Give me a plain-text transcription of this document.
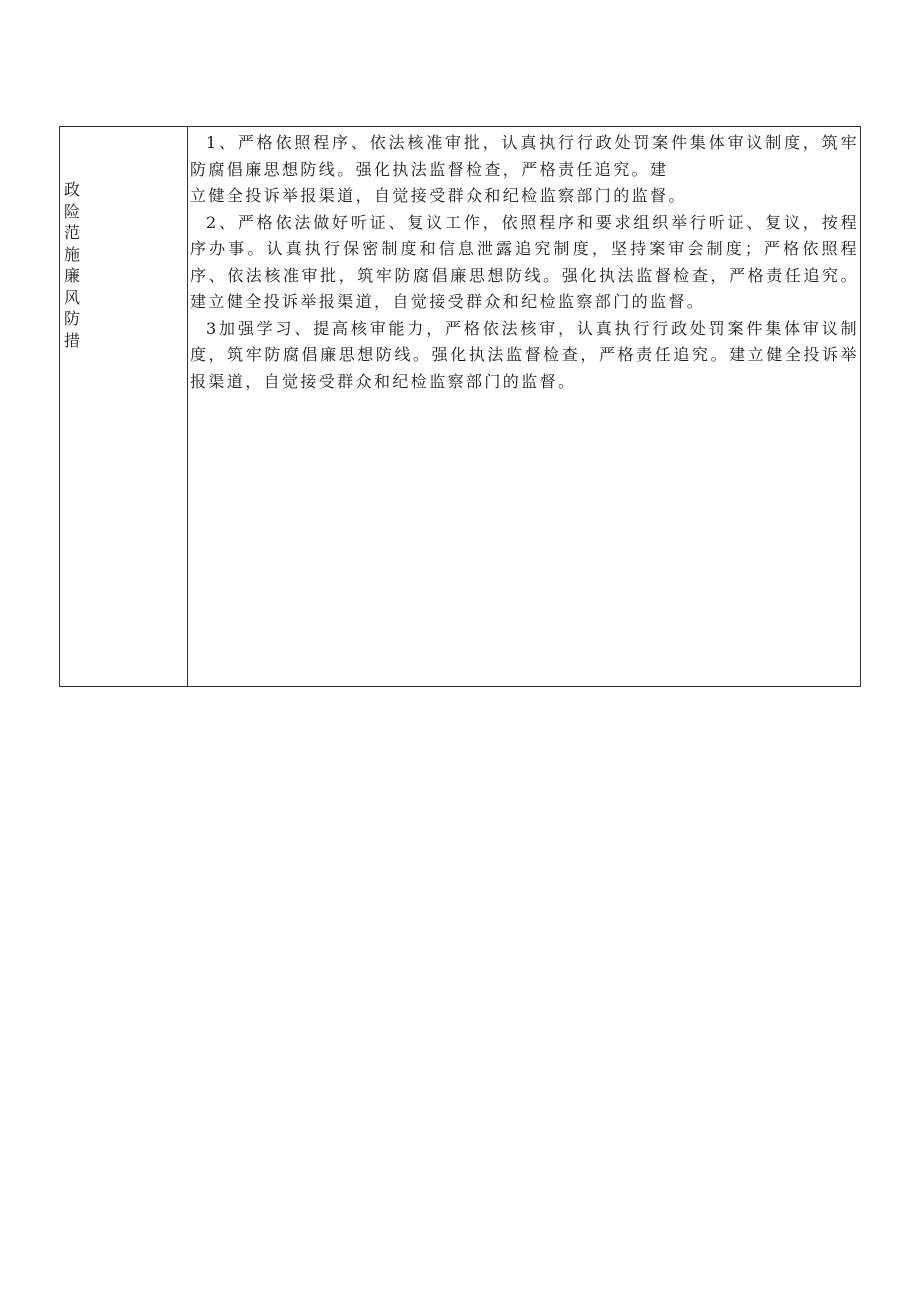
政险范施廉风防措

1、严格依照程序、依法核准审批，认真执行行政处罚案件集体审议制度，筑牢防腐倡廉思想防线。强化执法监督检查，严格责任追究。建
立健全投诉举报渠道，自觉接受群众和纪检监察部门的监督。

2、严格依法做好听证、复议工作，依照程序和要求组织举行听证、复议，按程序办事。认真执行保密制度和信息泄露追究制度，坚持案审会制度；严格依照程序、依法核准审批，筑牢防腐倡廉思想防线。强化执法监督检查，严格责任追究。建立健全投诉举报渠道，自觉接受群众和纪检监察部门的监督。

3加强学习、提高核审能力，严格依法核审，认真执行行政处罚案件集体审议制度，筑牢防腐倡廉思想防线。强化执法监督检查，严格责任追究。建立健全投诉举报渠道，自觉接受群众和纪检监察部门的监督。
